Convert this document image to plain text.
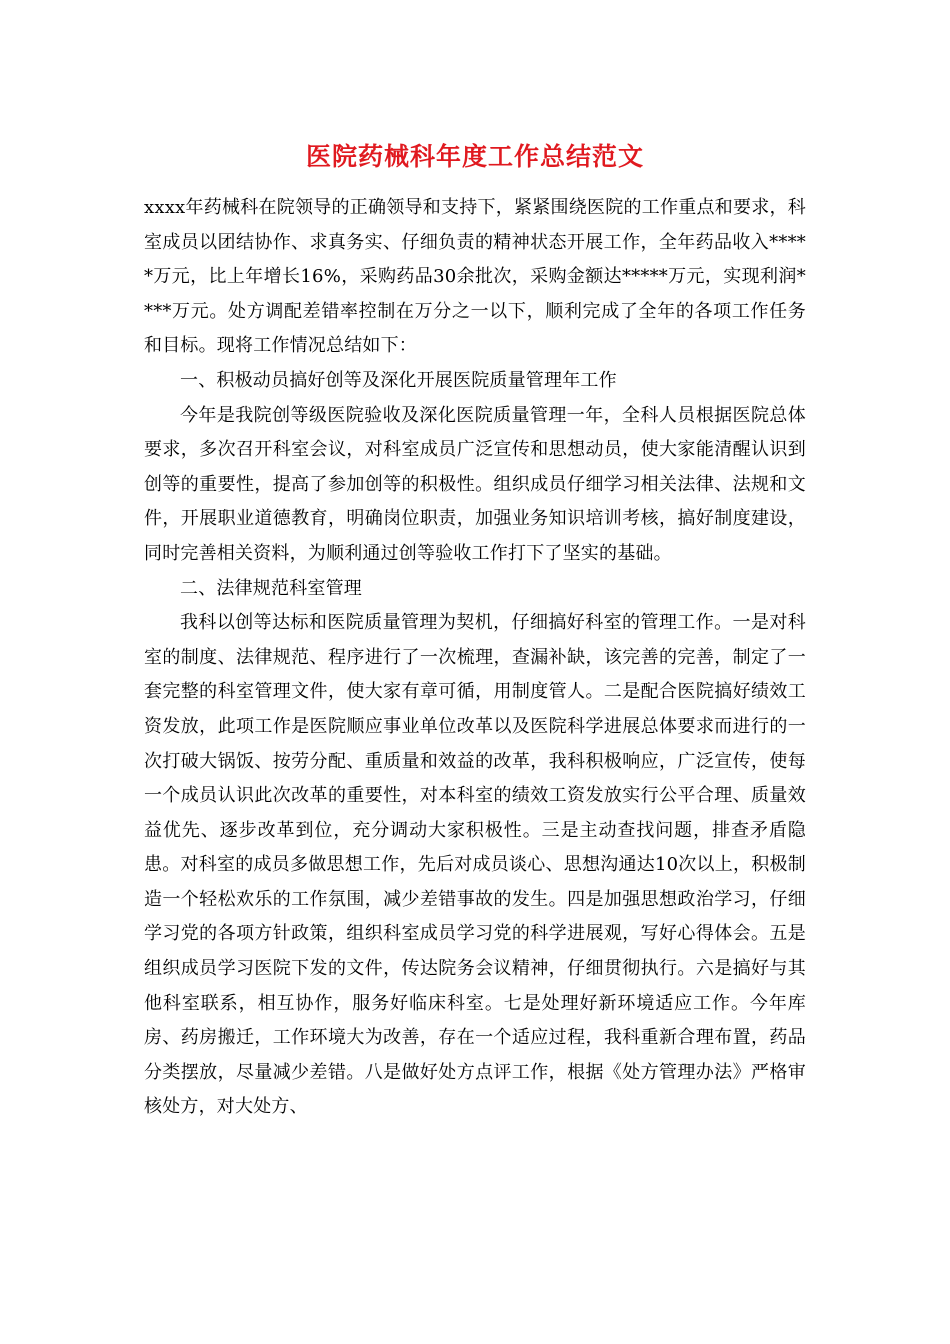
医院药械科年度工作总结范文

xxxx年药械科在院领导的正确领导和支持下，紧紧围绕医院的工作重点和要求，科室成员以团结协作、求真务实、仔细负责的精神状态开展工作，全年药品收入*****万元，比上年增长16%，采购药品30余批次，采购金额达*****万元，实现利润****万元。处方调配差错率控制在万分之一以下，顺利完成了全年的各项工作任务和目标。现将工作情况总结如下：

一、积极动员搞好创等及深化开展医院质量管理年工作

今年是我院创等级医院验收及深化医院质量管理一年，全科人员根据医院总体要求，多次召开科室会议，对科室成员广泛宣传和思想动员，使大家能清醒认识到创等的重要性，提高了参加创等的积极性。组织成员仔细学习相关法律、法规和文件，开展职业道德教育，明确岗位职责，加强业务知识培训考核，搞好制度建设，同时完善相关资料，为顺利通过创等验收工作打下了坚实的基础。

二、法律规范科室管理

我科以创等达标和医院质量管理为契机，仔细搞好科室的管理工作。一是对科室的制度、法律规范、程序进行了一次梳理，查漏补缺，该完善的完善，制定了一套完整的科室管理文件，使大家有章可循，用制度管人。二是配合医院搞好绩效工资发放，此项工作是医院顺应事业单位改革以及医院科学进展总体要求而进行的一次打破大锅饭、按劳分配、重质量和效益的改革，我科积极响应，广泛宣传，使每一个成员认识此次改革的重要性，对本科室的绩效工资发放实行公平合理、质量效益优先、逐步改革到位，充分调动大家积极性。三是主动查找问题，排查矛盾隐患。对科室的成员多做思想工作，先后对成员谈心、思想沟通达10次以上，积极制造一个轻松欢乐的工作氛围，减少差错事故的发生。四是加强思想政治学习，仔细学习党的各项方针政策，组织科室成员学习党的科学进展观，写好心得体会。五是组织成员学习医院下发的文件，传达院务会议精神，仔细贯彻执行。六是搞好与其他科室联系，相互协作，服务好临床科室。七是处理好新环境适应工作。今年库房、药房搬迁，工作环境大为改善，存在一个适应过程，我科重新合理布置，药品分类摆放，尽量减少差错。八是做好处方点评工作，根据《处方管理办法》严格审核处方，对大处方、
